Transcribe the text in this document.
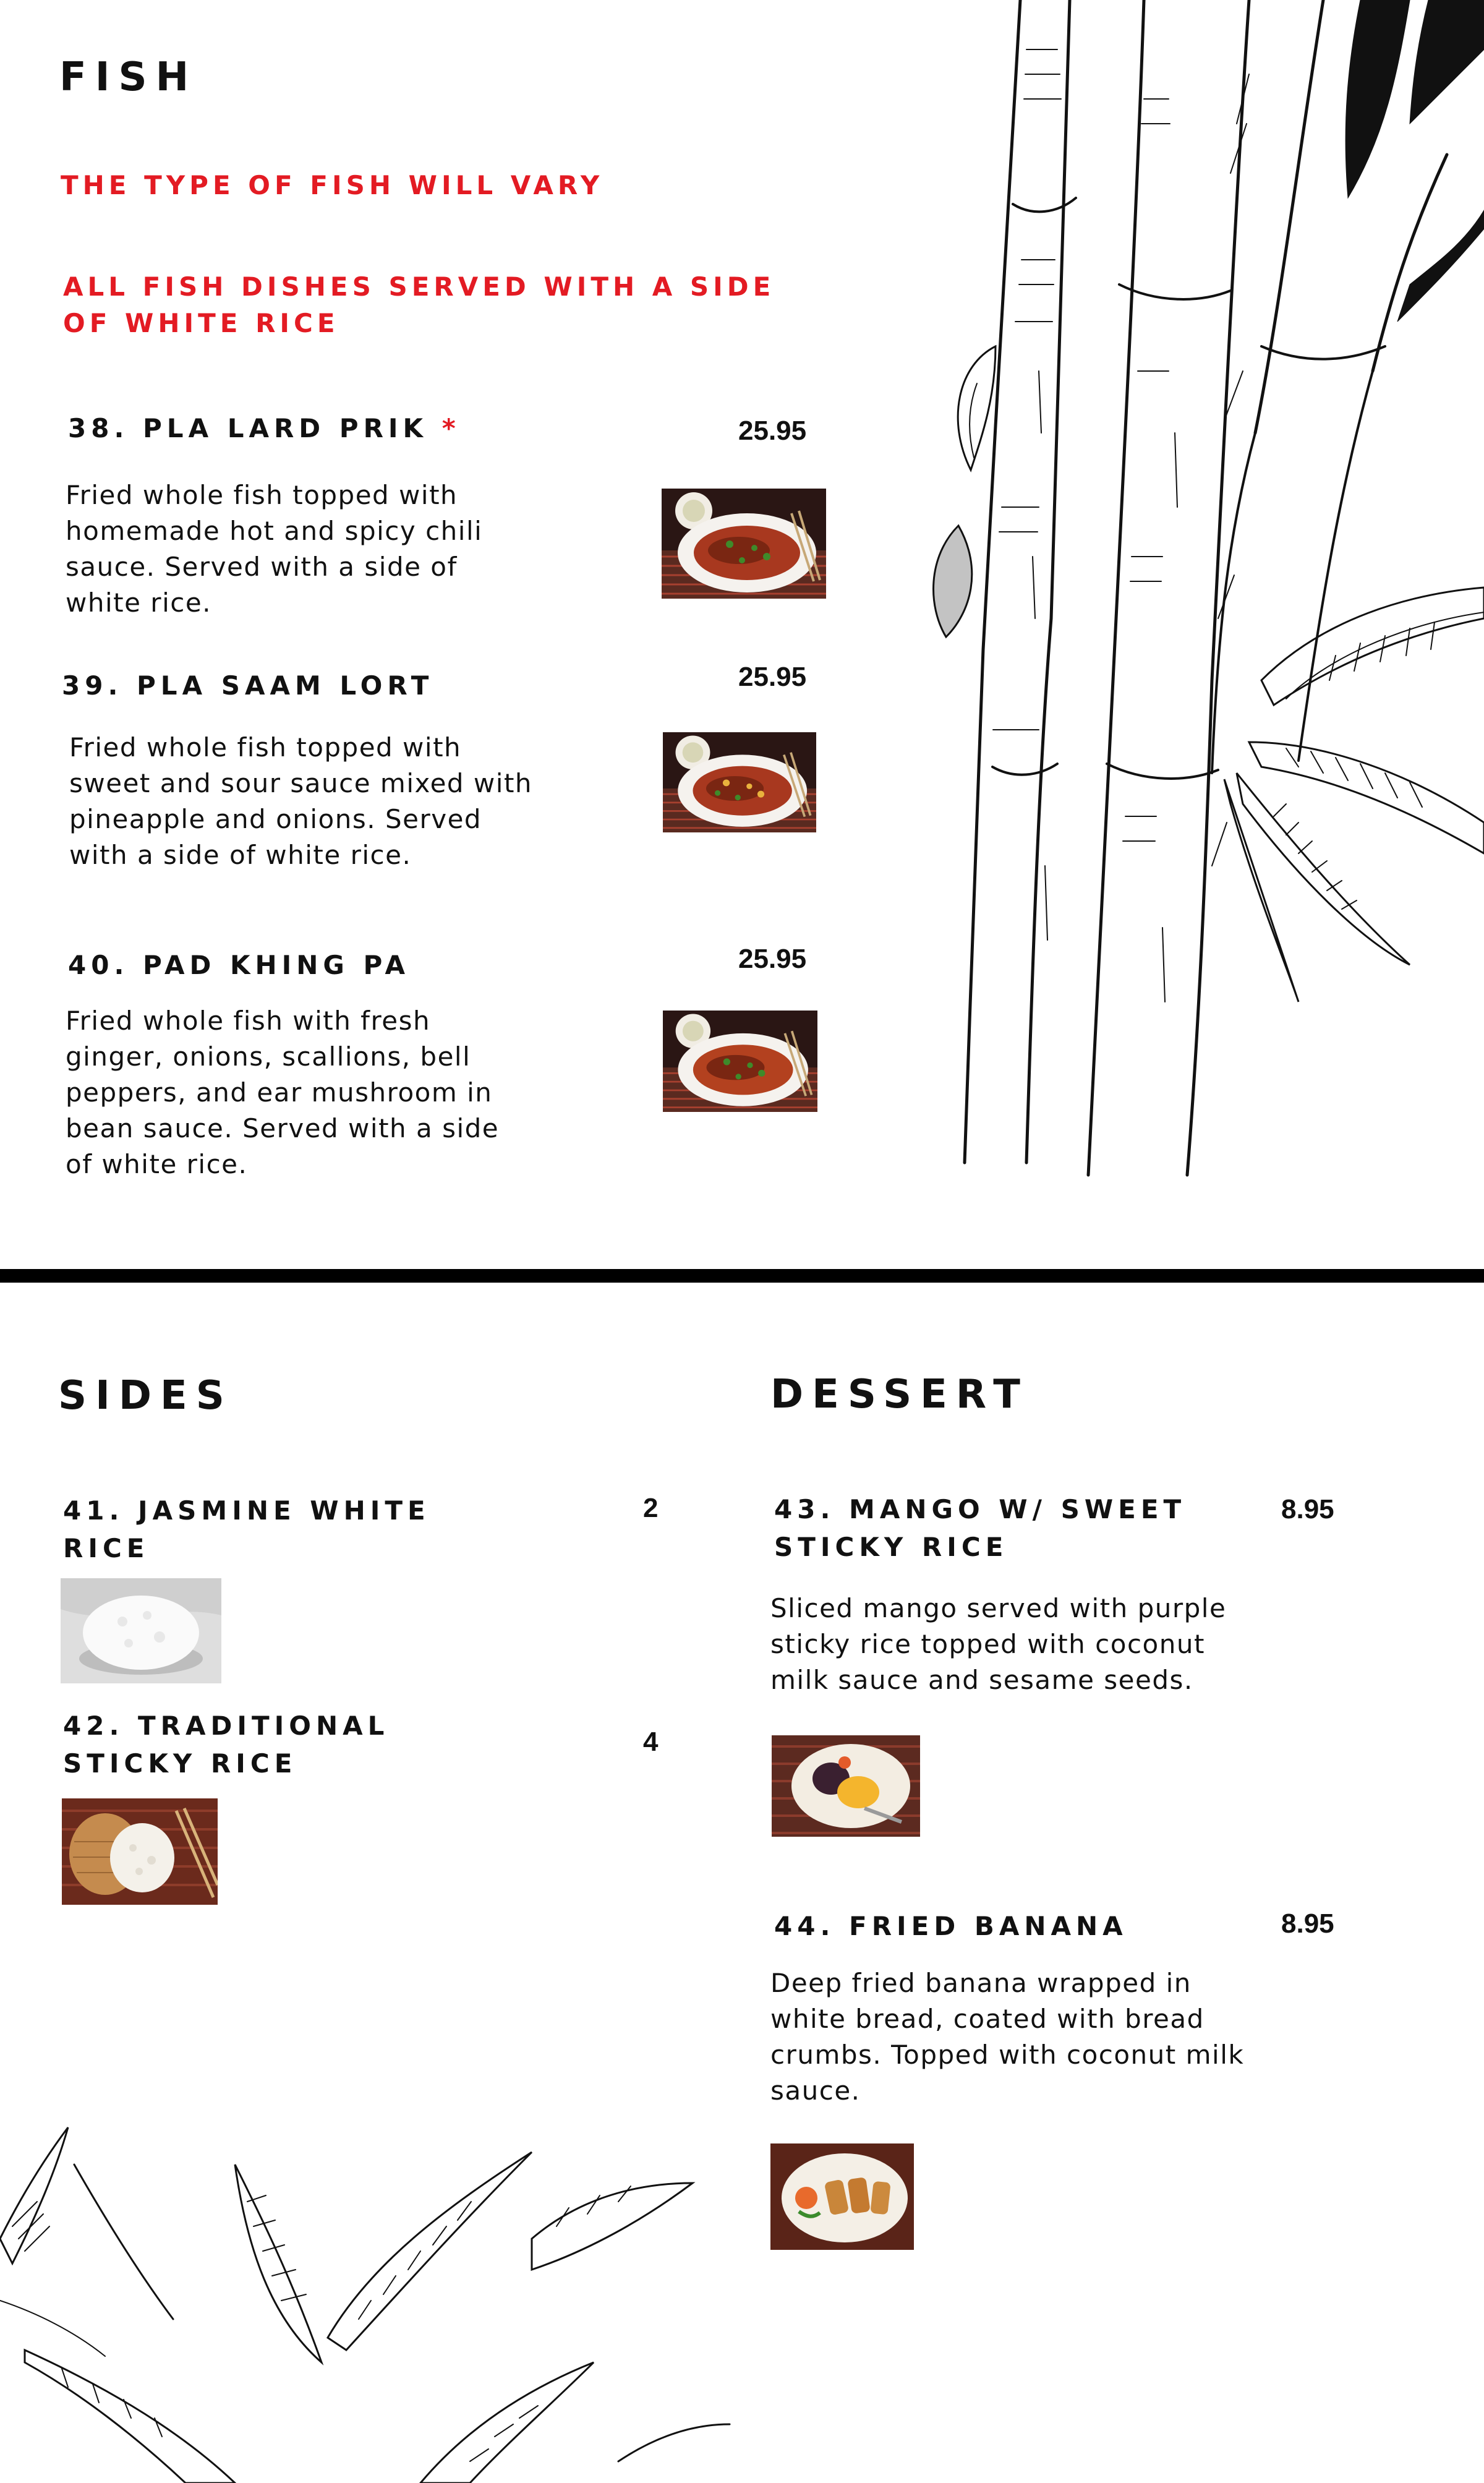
FISH
THE TYPE OF FISH WILL VARY
ALL FISH DISHES SERVED WITH A SIDE
OF WHITE RICE
38. PLA LARD PRIK *	25.95
Fried whole fish topped with
homemade hot and spicy chili
sauce. Served with a side of
white rice.
39. PLA SAAM LORT	25.95
Fried whole fish topped with
sweet and sour sauce mixed with
pineapple and onions. Served
with a side of white rice.
40. PAD KHING PA	25.95
Fried whole fish with fresh
ginger, onions, scallions, bell
peppers, and ear mushroom in
bean sauce. Served with a side
of white rice.
SIDES
41. JASMINE WHITE
RICE
2
42. TRADITIONAL
STICKY RICE
4
DESSERT
43. MANGO W/ SWEET
STICKY RICE
8.95
Sliced mango served with purple
sticky rice topped with coconut
milk sauce and sesame seeds.
44. FRIED BANANA	8.95
Deep fried banana wrapped in
white bread, coated with bread
crumbs. Topped with coconut milk
sauce.
